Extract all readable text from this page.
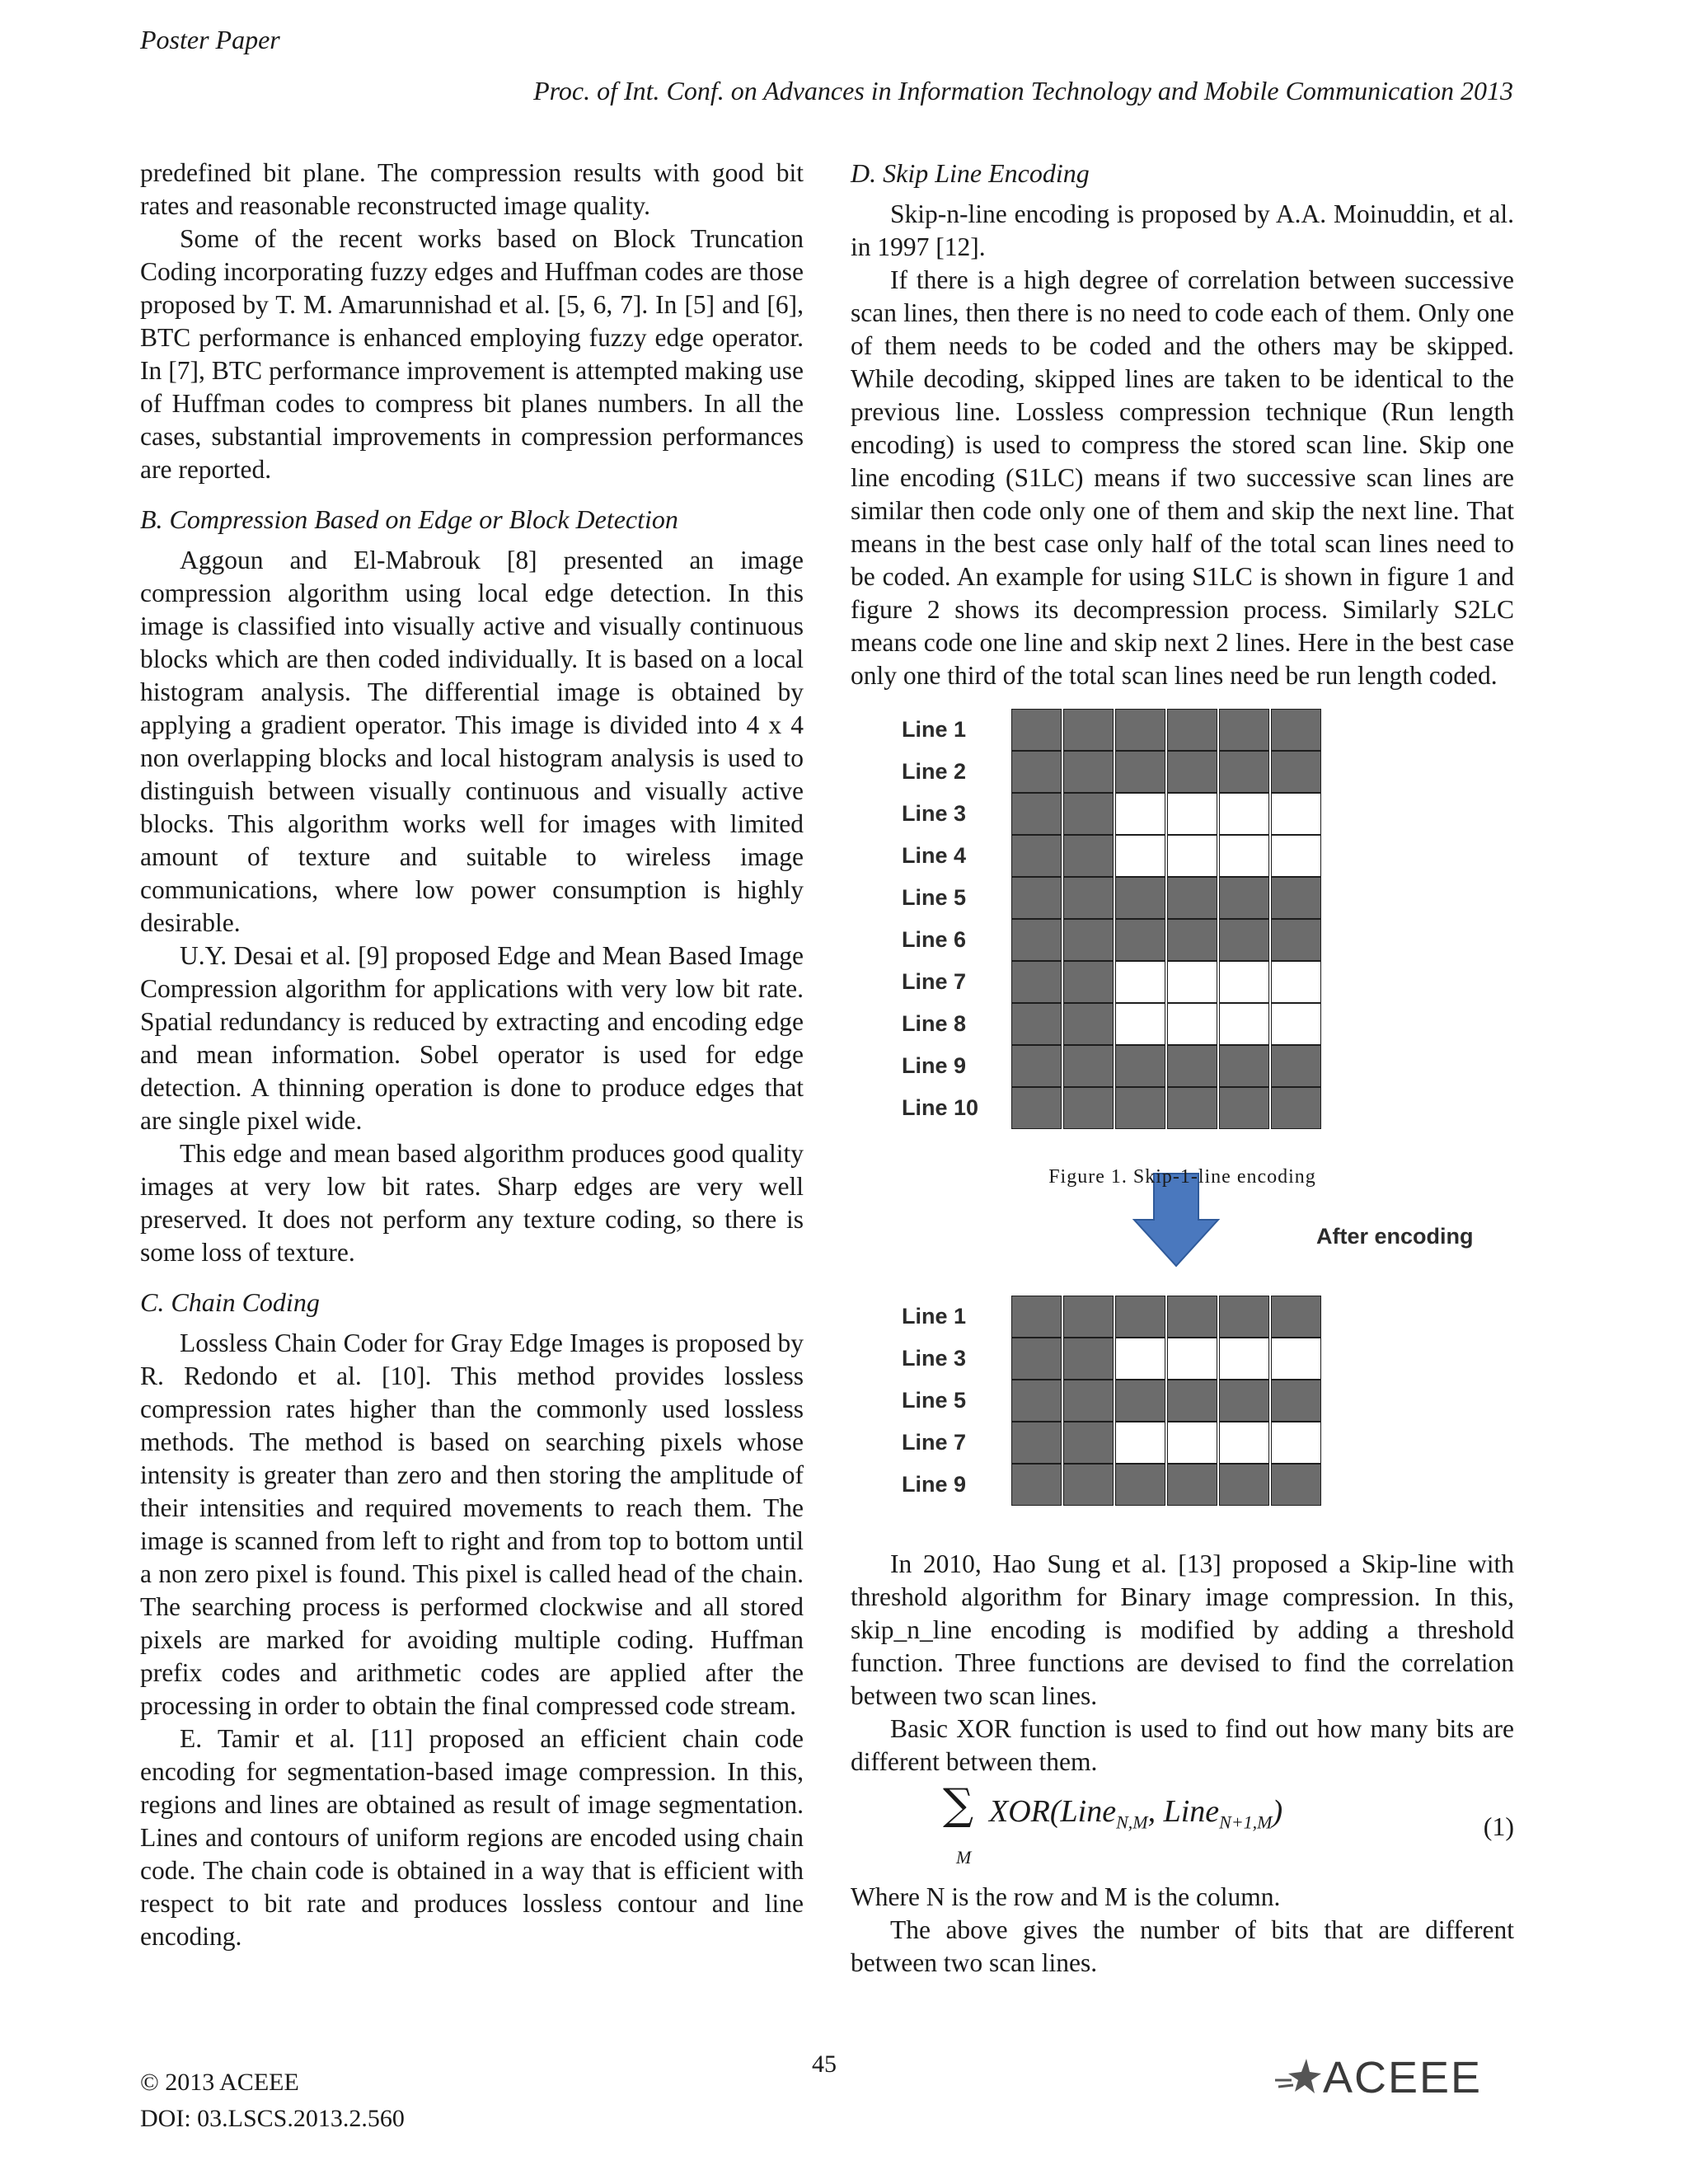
Poster Paper
Proc. of Int. Conf. on Advances in Information Technology and Mobile Communication 2013

predefined bit plane. The compression results with good bit rates and reasonable reconstructed image quality.

Some of the recent works based on Block Truncation Coding incorporating fuzzy edges and Huffman codes are those proposed by T. M. Amarunnishad et al. [5, 6, 7]. In [5] and [6], BTC performance is enhanced employing fuzzy edge operator. In [7], BTC performance improvement is attempted making use of Huffman codes to compress bit planes numbers. In all the cases, substantial improvements in compression performances are reported.

B. Compression Based on Edge or Block Detection

Aggoun and El-Mabrouk [8] presented an image compression algorithm using local edge detection. In this image is classified into visually active and visually continuous blocks which are then coded individually. It is based on a local histogram analysis. The differential image is obtained by applying a gradient operator. This image is divided into 4 x 4 non overlapping blocks and local histogram analysis is used to distinguish between visually continuous and visually active blocks. This algorithm works well for images with limited amount of texture and suitable to wireless image communications, where low power consumption is highly desirable.

U.Y. Desai et al. [9] proposed Edge and Mean Based Image Compression algorithm for applications with very low bit rate. Spatial redundancy is reduced by extracting and encoding edge and mean information. Sobel operator is used for edge detection. A thinning operation is done to produce edges that are single pixel wide.

This edge and mean based algorithm produces good quality images at very low bit rates. Sharp edges are very well preserved. It does not perform any texture coding, so there is some loss of texture.

C. Chain Coding

Lossless Chain Coder for Gray Edge Images is proposed by R. Redondo et al. [10]. This method provides lossless compression rates higher than the commonly used lossless methods. The method is based on searching pixels whose intensity is greater than zero and then storing the amplitude of their intensities and required movements to reach them. The image is scanned from left to right and from top to bottom until a non zero pixel is found. This pixel is called head of the chain. The searching process is performed clockwise and all stored pixels are marked for avoiding multiple coding. Huffman prefix codes and arithmetic codes are applied after the processing in order to obtain the final compressed code stream.

E. Tamir et al. [11] proposed an efficient chain code encoding for segmentation-based image compression. In this, regions and lines are obtained as result of image segmentation. Lines and contours of uniform regions are encoded using chain code. The chain code is obtained in a way that is efficient with respect to bit rate and produces lossless contour and line encoding.

D. Skip Line Encoding

Skip-n-line encoding is proposed by A.A. Moinuddin, et al. in 1997 [12].

If there is a high degree of correlation between successive scan lines, then there is no need to code each of them. Only one of them needs to be coded and the others may be skipped. While decoding, skipped lines are taken to be identical to the previous line. Lossless compression technique (Run length encoding) is used to compress the stored scan line. Skip one line encoding (S1LC) means if two successive scan lines are similar then code only one of them and skip the next line. That means in the best case only half of the total scan lines need to be coded. An example for using S1LC is shown in figure 1 and figure 2 shows its decompression process. Similarly S2LC means code one line and skip next 2 lines. Here in the best case only one third of the total scan lines need be run length coded.

Line 1
Line 2
Line 3
Line 4
Line 5
Line 6
Line 7
Line 8
Line 9
Line 10
After encoding
Line 1
Line 3
Line 5
Line 7
Line 9
Figure 1. Skip-1-line encoding

In 2010, Hao Sung et al. [13] proposed a Skip-line with threshold algorithm for Binary image compression. In this, skip_n_line encoding is modified by adding a threshold function. Three functions are devised to find the correlation between two scan lines.

Basic XOR function is used to find out how many bits are different between them.

∑
M
XOR(Line$_{N,M}$, Line$_{N+1,M}$)	(1)

Where N is the row and M is the column.

The above gives the number of bits that are different between two scan lines.

© 2013 ACEEE
DOI: 03.LSCS.2013.2.560
45	ACEEE
